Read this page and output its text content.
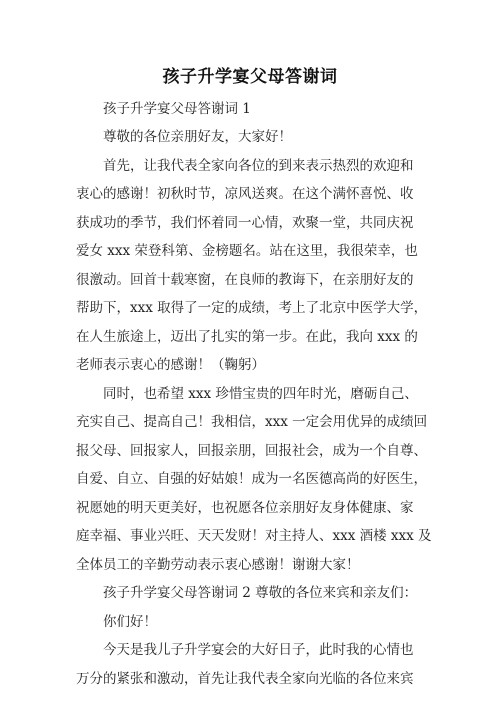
孩子升学宴父母答谢词
孩子升学宴父母答谢词 1
尊敬的各位亲朋好友，大家好！
首先，让我代表全家向各位的到来表示热烈的欢迎和
衷心的感谢！初秋时节，凉风送爽。在这个满怀喜悦、收
获成功的季节，我们怀着同一心情，欢聚一堂，共同庆祝
爱女 xxx 荣登科第、金榜题名。站在这里，我很荣幸，也
很激动。回首十载寒窗，在良师的教诲下，在亲朋好友的
帮助下，xxx 取得了一定的成绩，考上了北京中医学大学，
在人生旅途上，迈出了扎实的第一步。在此，我向 xxx 的
老师表示衷心的感谢！（鞠躬）
同时，也希望 xxx 珍惜宝贵的四年时光，磨砺自己、
充实自己、提高自己！我相信，xxx 一定会用优异的成绩回
报父母、回报家人，回报亲朋，回报社会，成为一个自尊、
自爱、自立、自强的好姑娘！成为一名医德高尚的好医生，
祝愿她的明天更美好，也祝愿各位亲朋好友身体健康、家
庭幸福、事业兴旺、天天发财！对主持人、xxx 酒楼 xxx 及
全体员工的辛勤劳动表示衷心感谢！谢谢大家！
孩子升学宴父母答谢词 2 尊敬的各位来宾和亲友们：
你们好！
今天是我儿子升学宴会的大好日子，此时我的心情也
万分的紧张和激动，首先让我代表全家向光临的各位来宾
